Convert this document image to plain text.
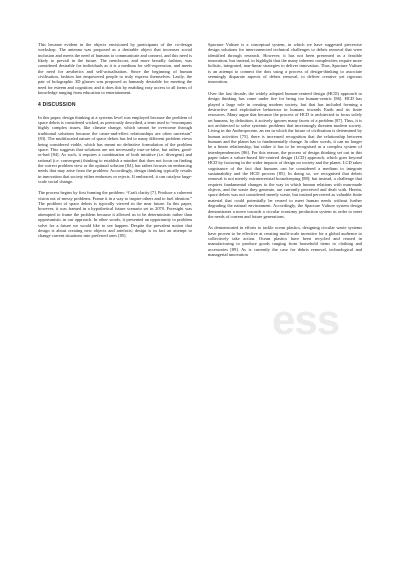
This became evident in the objects envisioned by participants of the co-design workshop. The antenna was proposed as a desirable object that increases social inclusion and meets the need of humans to communicate and connect, and this need is likely to prevail in the future. The trenchcoat, and more broadly fashion, was considered desirable for individuals as it is a medium for self-expression, and meets the need for aesthetics and self-actualisation. Since the beginning of human civilisation, fashion has empowered people to truly express themselves. Lastly, the pair of holographic 3D glasses was proposed as humanly desirable for meeting the need for esteem and cognition; and it does this by enabling easy access to all forms of knowledge ranging from education to entertainment.

4 DISCUSSION

In this paper, design thinking at a systems level was employed because the problem of space debris is considered wicked, as previously described, a term used to “encompass highly complex issues, like climate change, which cannot be overcome through traditional solutions because the cause-and-effect relationships are often uncertain” [83]. The multifaceted nature of space debris has led to many different problem views being considered viable, which has meant no definitive formulation of the problem space. This suggests that solutions are not necessarily true-or-false, but rather, good-or-bad [84]. As such, it requires a combination of both intuitive (i.e. divergent) and rational (i.e. convergent) thinking to establish a mindset that does not focus on finding the correct problem view or the optimal solution [84], but rather focuses on embracing needs that may arise from the problem. Accordingly, design thinking typically results in innovation that society either embraces or rejects. If embraced, it can catalyse large-scale social change.

The process begins by first framing the problem: “Craft clarity [7]. Produce a coherent vision out of messy problems. Frame it in a way to inspire others and to fuel ideation.” The problem of space debris is typically viewed in the near future. In this paper, however, it was framed in a hypothetical future scenario set in 2070. Foresight was attempted to frame the problem because it allowed us to be deterministic rather than opportunistic in our approach. In other words, it presented an opportunity to problem solve for a future we would like to see happen. Despite the prevalent notion that design is about creating new objects and artefacts; design is in fact an attempt to change current situations into preferred ones [85].

Spacture Vulture is a conceptual system, in which we have suggested piecewise design solutions for interconnected technical challenges to debris removal that were identified through research. However, it has not been presented as a feasible innovation, but instead, to highlight that the many inherent complexities require more holistic, integrated, non-linear strategies to deliver innovation. Thus, Spacture Vulture is an attempt to connect the dots using a process of design-thinking to associate seemingly disparate aspects of debris removal, to deliver creative yet rigorous innovation.

Over the last decade, the widely adopted human-centred design (HCD) approach to design thinking has come under fire for being too human-centric [86]. HCD has played a large role in creating modern society, but that has included forming a destructive and exploitative behaviour in humans towards Earth and its finite resources. Many argue that because the process of HCD is architected to focus solely on humans, by definition, it actively ignores many facets of a problem [87]. Thus, it is not architected to solve systemic problems that increasingly threaten modern society. Living in the Anthropocene, an era in which the future of civilisation is determined by human activities [75], there is increased recognition that the relationship between humans and the planet has to fundamentally change. In other words, it can no longer be a linear relationship, but rather it has to be recognised as a complex system of interdependencies [86]. For this reason, the process of design thinking set out in this paper takes a values-based life-centred design (LCD) approach, which goes beyond HCD by factoring in the wider impacts of design on society and the planet. LCD takes cognisance of the fact that humans can be considered a medium to integrate sustainability and the HCD process [85]. In doing so, we recognised that debris removal is not merely extraterrestrial housekeeping [88]; but instead, a challenge that requires fundamental changes to the way in which human relations with man-made objects, and the waste they generate, are currently perceived and dealt with. Herein, space debris was not considered merely waste, but instead perceived as valuable finite material that could potentially be reused to meet human needs without further degrading the natural environment. Accordingly, the Spacture Vulture system design demonstrates a move towards a circular economy production system in order to meet the needs of current and future generations.

As demonstrated in efforts to tackle ocean plastics, designing circular waste systems have proven to be effective at creating multi-scale incentive for a global audience to collectively take action. Ocean plastics have been recycled and reused in manufacturing to produce goods ranging from household items to clothing and accessories [89]. As is currently the case for debris removal, technological and managerial innovation

ess
